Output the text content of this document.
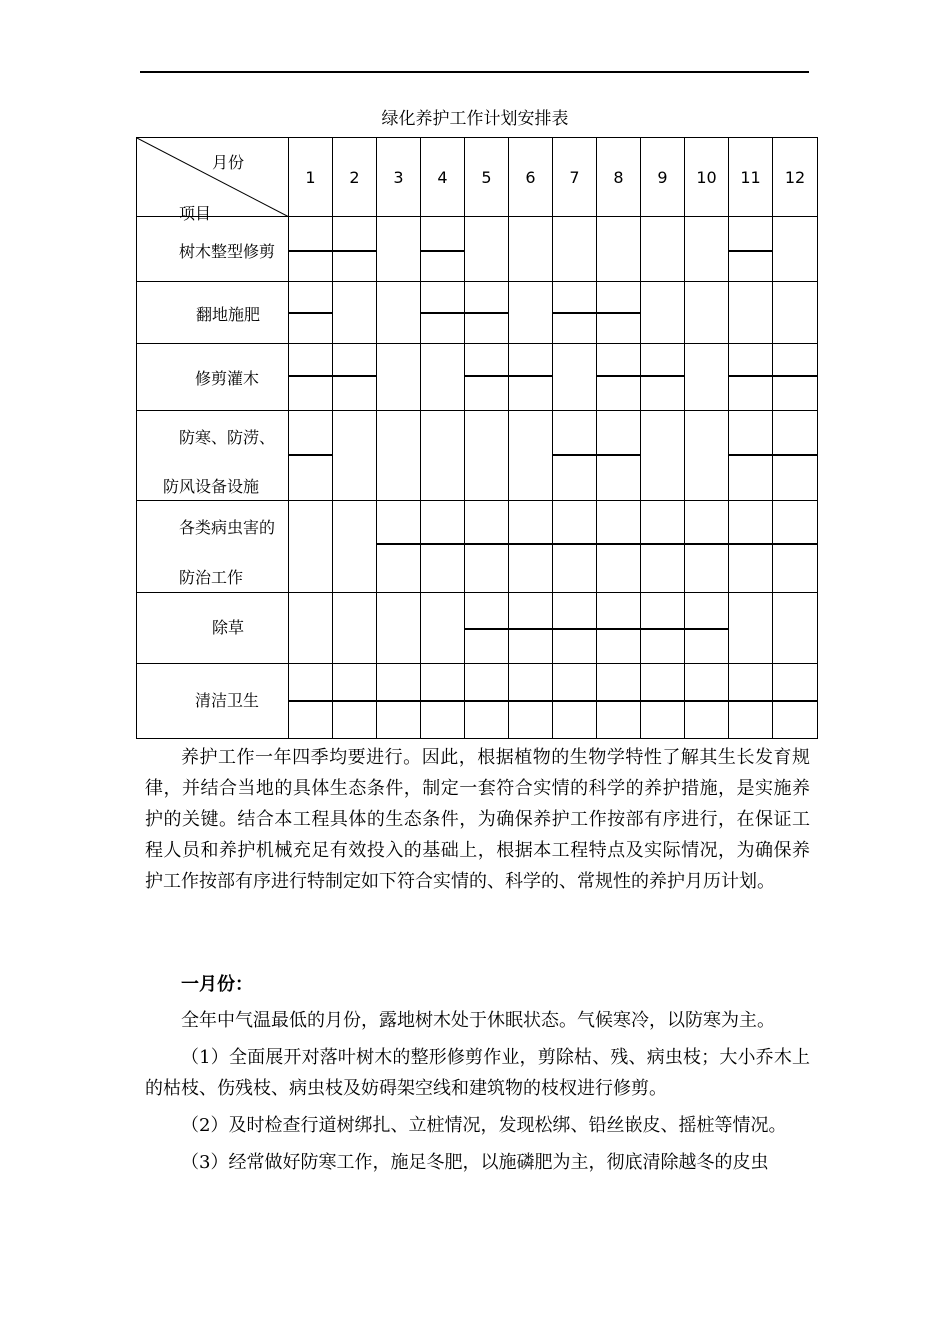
绿化养护工作计划安排表
月份
项目	1	2	3	4	5	6	7	8	9	10	11	12

树木整型修剪												

翻地施肥												

修剪灌木												

防寒、防涝、
防风设备设施												

各类病虫害的
防治工作												

除草												

清洁卫生												

养护工作一年四季均要进行。因此，根据植物的生物学特性了解其生长发育规律，并结合当地的具体生态条件，制定一套符合实情的科学的养护措施，是实施养护的关键。结合本工程具体的生态条件，为确保养护工作按部有序进行，在保证工程人员和养护机械充足有效投入的基础上，根据本工程特点及实际情况，为确保养护工作按部有序进行特制定如下符合实情的、科学的、常规性的养护月历计划。

一月份：

全年中气温最低的月份，露地树木处于休眠状态。气候寒冷，以防寒为主。

（1）全面展开对落叶树木的整形修剪作业，剪除枯、残、病虫枝；大小乔木上的枯枝、伤残枝、病虫枝及妨碍架空线和建筑物的枝杈进行修剪。

（2）及时检查行道树绑扎、立桩情况，发现松绑、铅丝嵌皮、摇桩等情况。

（3）经常做好防寒工作，施足冬肥，以施磷肥为主，彻底清除越冬的皮虫
